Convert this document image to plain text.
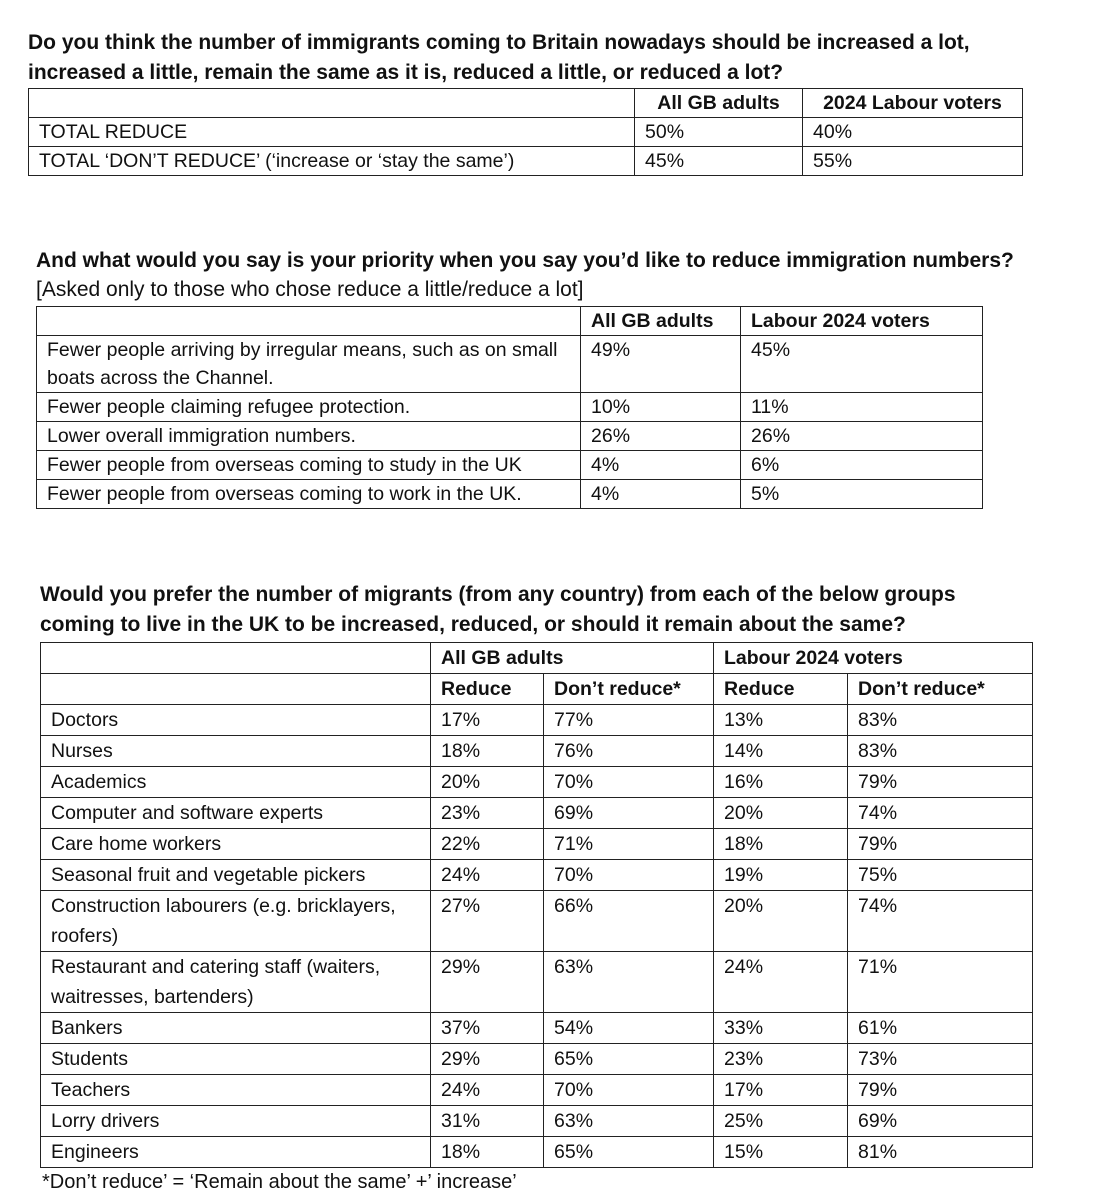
Do you think the number of immigrants coming to Britain nowadays should be increased a lot,

increased a little, remain the same as it is, reduced a little, or reduced a lot?

	All GB adults	2024 Labour voters
TOTAL REDUCE	50%	40%
TOTAL ‘DON’T REDUCE’ (‘increase or ‘stay the same’)	45%	55%

And what would you say is your priority when you say you’d like to reduce immigration numbers?

[Asked only to those who chose reduce a little/reduce a lot]

	All GB adults	Labour 2024 voters
Fewer people arriving by irregular means, such as on small boats across the Channel.	49%	45%
Fewer people claiming refugee protection.	10%	11%
Lower overall immigration numbers.	26%	26%
Fewer people from overseas coming to study in the UK	4%	6%
Fewer people from overseas coming to work in the UK.	4%	5%

Would you prefer the number of migrants (from any country) from each of the below groups

coming to live in the UK to be increased, reduced, or should it remain about the same?

	All GB adults		Labour 2024 voters	
	Reduce	Don’t reduce*	Reduce	Don’t reduce*
Doctors	17%	77%	13%	83%
Nurses	18%	76%	14%	83%
Academics	20%	70%	16%	79%
Computer and software experts	23%	69%	20%	74%
Care home workers	22%	71%	18%	79%
Seasonal fruit and vegetable pickers	24%	70%	19%	75%
Construction labourers (e.g. bricklayers, roofers)	27%	66%	20%	74%
Restaurant and catering staff (waiters, waitresses, bartenders)	29%	63%	24%	71%
Bankers	37%	54%	33%	61%
Students	29%	65%	23%	73%
Teachers	24%	70%	17%	79%
Lorry drivers	31%	63%	25%	69%
Engineers	18%	65%	15%	81%

*Don’t reduce’ = ‘Remain about the same’ +’ increase’
